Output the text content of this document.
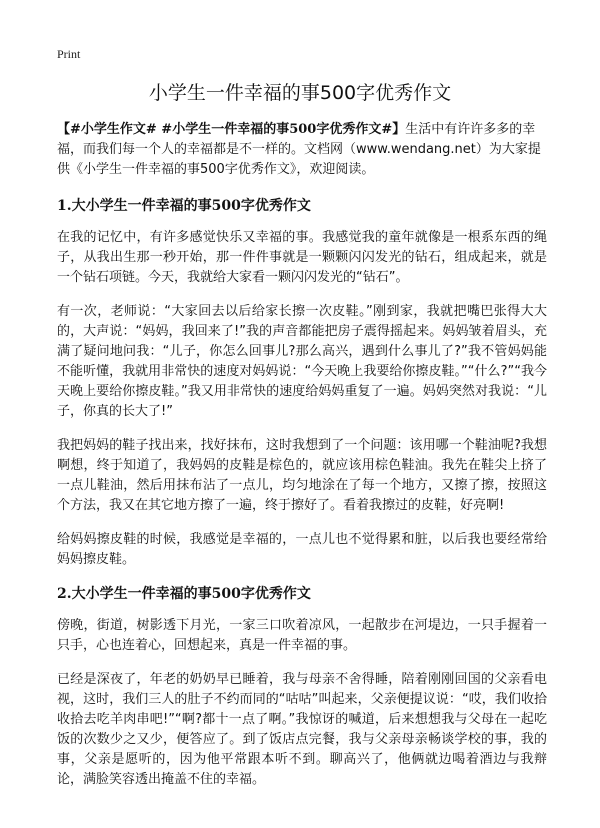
Print
小学生一件幸福的事500字优秀作文

【#小学生作文# #小学生一件幸福的事500字优秀作文#】生活中有许许多多的幸福，而我们每一个人的幸福都是不一样的。文档网（www.wendang.net）为大家提供《小学生一件幸福的事500字优秀作文》，欢迎阅读。

1.大小学生一件幸福的事500字优秀作文

在我的记忆中，有许多感觉快乐又幸福的事。我感觉我的童年就像是一根系东西的绳子，从我出生那一秒开始，那一件件事就是一颗颗闪闪发光的钻石，组成起来，就是一个钻石项链。今天，我就给大家看一颗闪闪发光的“钻石”。

有一次，老师说：“大家回去以后给家长擦一次皮鞋。”刚到家，我就把嘴巴张得大大的，大声说：“妈妈，我回来了!”我的声音都能把房子震得摇起来。妈妈皱着眉头，充满了疑问地问我：“儿子，你怎么回事儿?那么高兴，遇到什么事儿了?”我不管妈妈能不能听懂，我就用非常快的速度对妈妈说：“今天晚上我要给你擦皮鞋。”“什么?”“我今天晚上要给你擦皮鞋。”我又用非常快的速度给妈妈重复了一遍。妈妈突然对我说：“儿子，你真的长大了!”

我把妈妈的鞋子找出来，找好抹布，这时我想到了一个问题：该用哪一个鞋油呢?我想啊想，终于知道了，我妈妈的皮鞋是棕色的，就应该用棕色鞋油。我先在鞋尖上挤了一点儿鞋油，然后用抹布沾了一点儿，均匀地涂在了每一个地方，又擦了擦，按照这个方法，我又在其它地方擦了一遍，终于擦好了。看着我擦过的皮鞋，好亮啊!

给妈妈擦皮鞋的时候，我感觉是幸福的，一点儿也不觉得累和脏，以后我也要经常给妈妈擦皮鞋。

2.大小学生一件幸福的事500字优秀作文

傍晚，街道，树影透下月光，一家三口吹着凉风，一起散步在河堤边，一只手握着一只手，心也连着心，回想起来，真是一件幸福的事。

已经是深夜了，年老的奶奶早已睡着，我与母亲不舍得睡，陪着刚刚回国的父亲看电视，这时，我们三人的肚子不约而同的“咕咕”叫起来，父亲便提议说：“哎，我们收拾收拾去吃羊肉串吧!”“啊?都十一点了啊。”我惊讶的喊道，后来想想我与父母在一起吃饭的次数少之又少，便答应了。到了饭店点完餐，我与父亲母亲畅谈学校的事，我的事，父亲是愿听的，因为他平常跟本听不到。聊高兴了，他俩就边喝着酒边与我辩论，满脸笑容透出掩盖不住的幸福。
